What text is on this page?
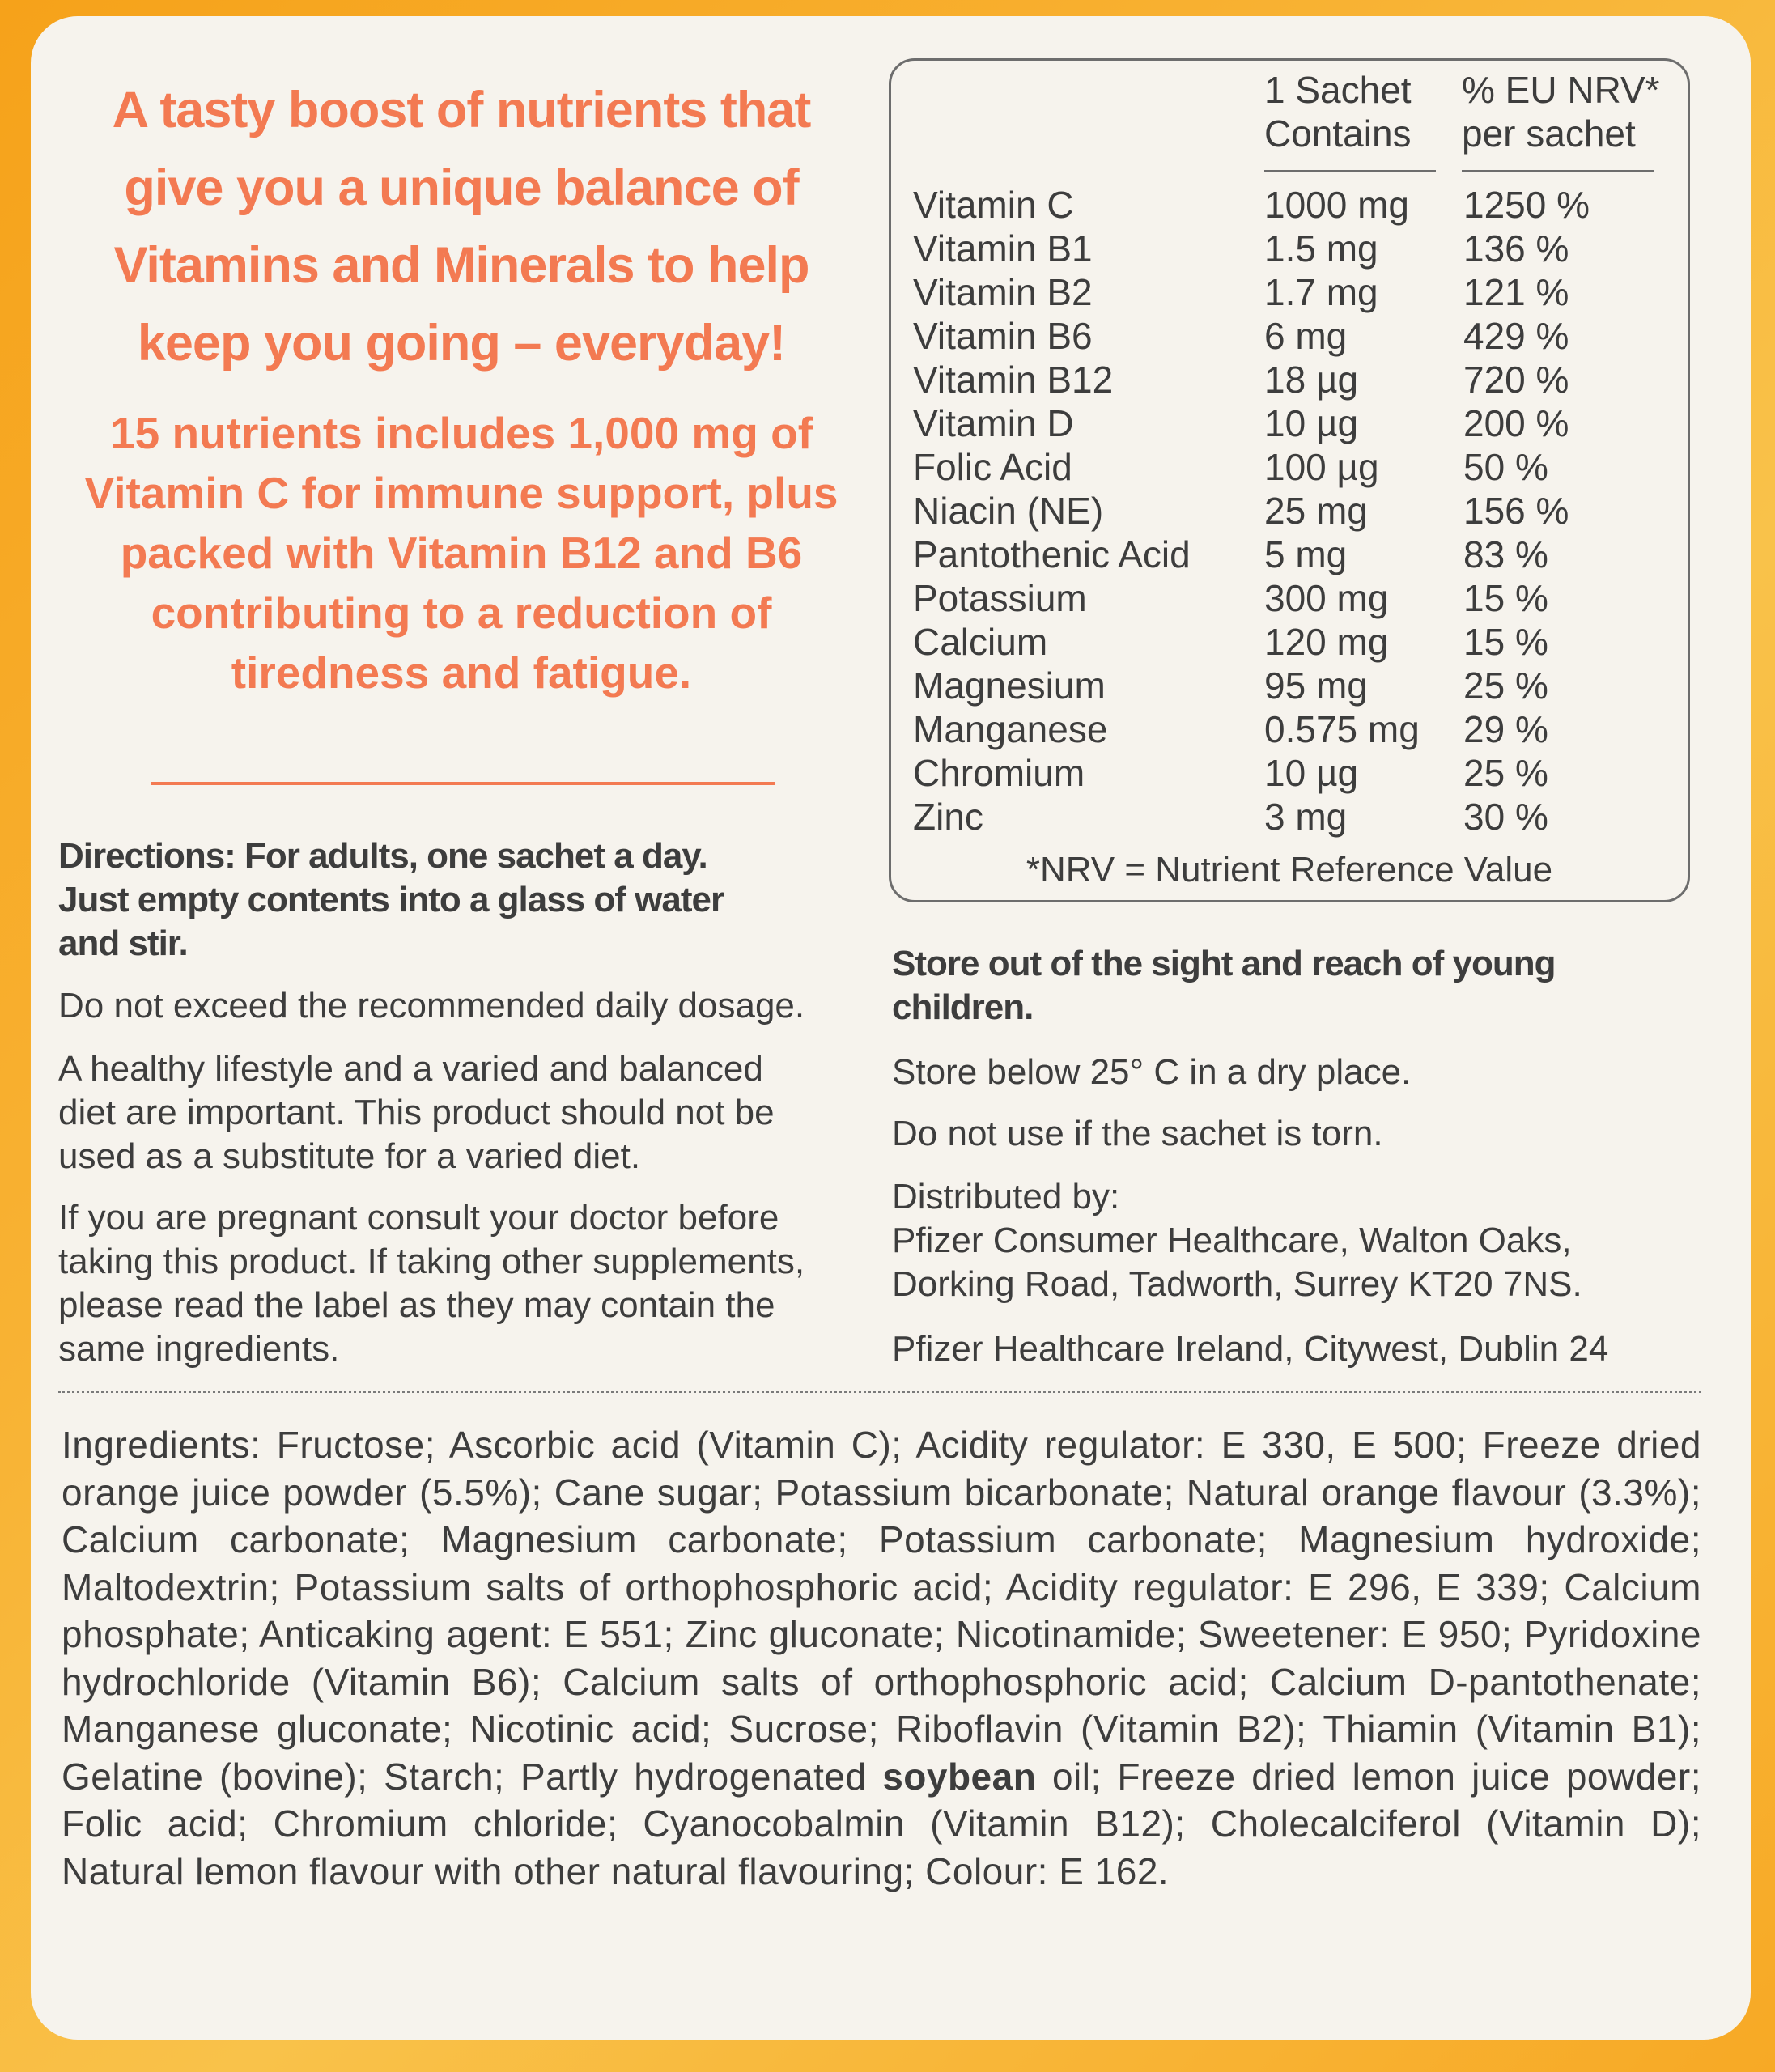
A tasty boost of nutrients that give you a unique balance of Vitamins and Minerals to help keep you going – everyday!
15 nutrients includes 1,000 mg of Vitamin C for immune support, plus packed with Vitamin B12 and B6 contributing to a reduction of tiredness and fatigue.
Directions: For adults, one sachet a day. Just empty contents into a glass of water and stir.
Do not exceed the recommended daily dosage.
A healthy lifestyle and a varied and balanced diet are important. This product should not be used as a substitute for a varied diet.
If you are pregnant consult your doctor before taking this product. If taking other supplements, please read the label as they may contain the same ingredients.
1 Sachet
Contains
% EU NRV*
per sachet
Vitamin C	1000 mg 1250 %
Vitamin B1	1.5 mg 136 %
Vitamin B2	1.7 mg 121 %
Vitamin B6	6 mg	429 %
Vitamin B12	18 µg	720 %
Vitamin D	10 µg	200 %
Folic Acid	100 µg 50 %
Niacin (NE)	25 mg	156 %
Pantothenic Acid 5 mg	83 %
Potassium	300 mg 15 %
Calcium	120 mg 15 %
Magnesium	95 mg	25 %
Manganese	0.575 mg 29 %
Chromium	10 µg	25 %
Zinc	3 mg	30 %
*NRV = Nutrient Reference Value
Store out of the sight and reach of young children.
Store below 25° C in a dry place.
Do not use if the sachet is torn.
Distributed by:
Pfizer Consumer Healthcare, Walton Oaks, Dorking Road, Tadworth, Surrey KT20 7NS.
Pfizer Healthcare Ireland, Citywest, Dublin 24
Ingredients: Fructose; Ascorbic acid (Vitamin C); Acidity regulator: E 330, E 500; Freeze dried orange juice powder (5.5%); Cane sugar; Potassium bicarbonate; Natural orange flavour (3.3%); Calcium carbonate; Magnesium carbonate; Potassium carbonate; Magnesium hydroxide; Maltodextrin; Potassium salts of orthophosphoric acid; Acidity regulator: E 296, E 339; Calcium phosphate; Anticaking agent: E 551; Zinc gluconate; Nicotinamide; Sweetener: E 950; Pyridoxine hydrochloride (Vitamin B6); Calcium salts of orthophosphoric acid; Calcium D-pantothenate; Manganese gluconate; Nicotinic acid; Sucrose; Riboflavin (Vitamin B2); Thiamin (Vitamin B1); Gelatine (bovine); Starch; Partly hydrogenated soybean oil; Freeze dried lemon juice powder; Folic acid; Chromium chloride; Cyanocobalmin (Vitamin B12); Cholecalciferol (Vitamin D); Natural lemon flavour with other natural flavouring; Colour: E 162.
